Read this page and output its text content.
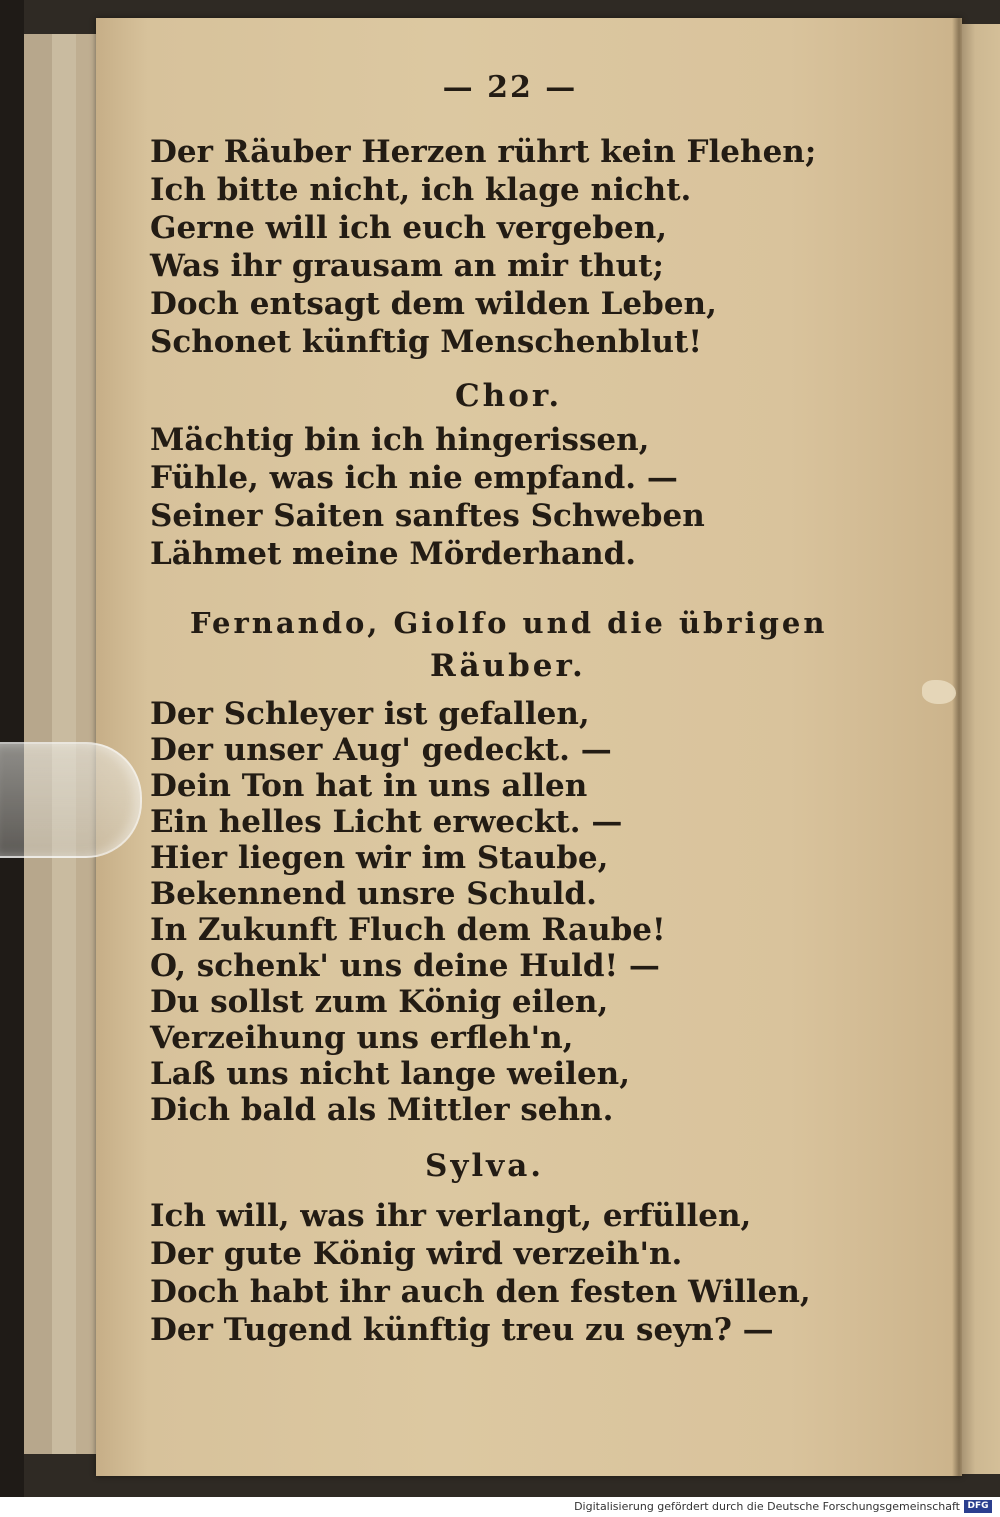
— 22 —
Der Räuber Herzen rührt kein Flehen;
Ich bitte nicht, ich klage nicht.
Gerne will ich euch vergeben,
Was ihr grausam an mir thut;
Doch entsagt dem wilden Leben,
Schonet künftig Menschenblut!
Chor.
Mächtig bin ich hingerissen,
Fühle, was ich nie empfand. —
Seiner Saiten sanftes Schweben
Lähmet meine Mörderhand.
Fernando, Giolfo und die übrigen
Räuber.
Der Schleyer ist gefallen,
Der unser Aug' gedeckt. —
Dein Ton hat in uns allen
Ein helles Licht erweckt. —
Hier liegen wir im Staube,
Bekennend unsre Schuld.
In Zukunft Fluch dem Raube!
O, schenk' uns deine Huld! —
Du sollst zum König eilen,
Verzeihung uns erfleh'n,
Laß uns nicht lange weilen,
Dich bald als Mittler sehn.
Sylva.
Ich will, was ihr verlangt, erfüllen,
Der gute König wird verzeih'n.
Doch habt ihr auch den festen Willen,
Der Tugend künftig treu zu seyn? —
Digitalisierung gefördert durch die Deutsche Forschungsgemeinschaft DFG
